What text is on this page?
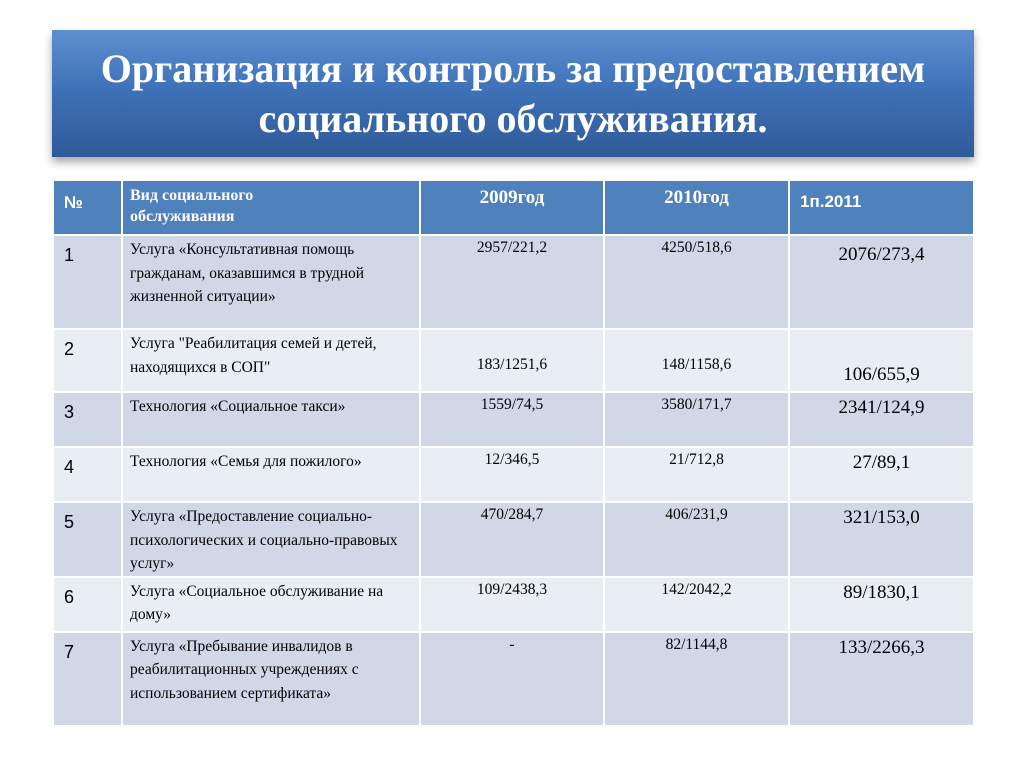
Организация и контроль за предоставлением
социального обслуживания.
№	Вид социального
обслуживания	2009год	2010год	1п.2011

1	Услуга «Консультативная помощь гражданам, оказавшимся в трудной жизненной ситуации»	2957/221,2	4250/518,6	2076/273,4

2	Услуга "Реабилитация семей и детей, находящихся в СОП"	183/1251,6	148/1158,6	106/655,9

3	Технология «Социальное такси»	1559/74,5	3580/171,7	2341/124,9

4	Технология «Семья для пожилого»	12/346,5	21/712,8	27/89,1

5	Услуга «Предоставление социально-психологических и социально-правовых услуг»	470/284,7	406/231,9	321/153,0

6	Услуга «Социальное обслуживание на дому»	109/2438,3	142/2042,2	89/1830,1

7	Услуга «Пребывание инвалидов в реабилитационных учреждениях с использованием сертификата»	-	82/1144,8	133/2266,3
